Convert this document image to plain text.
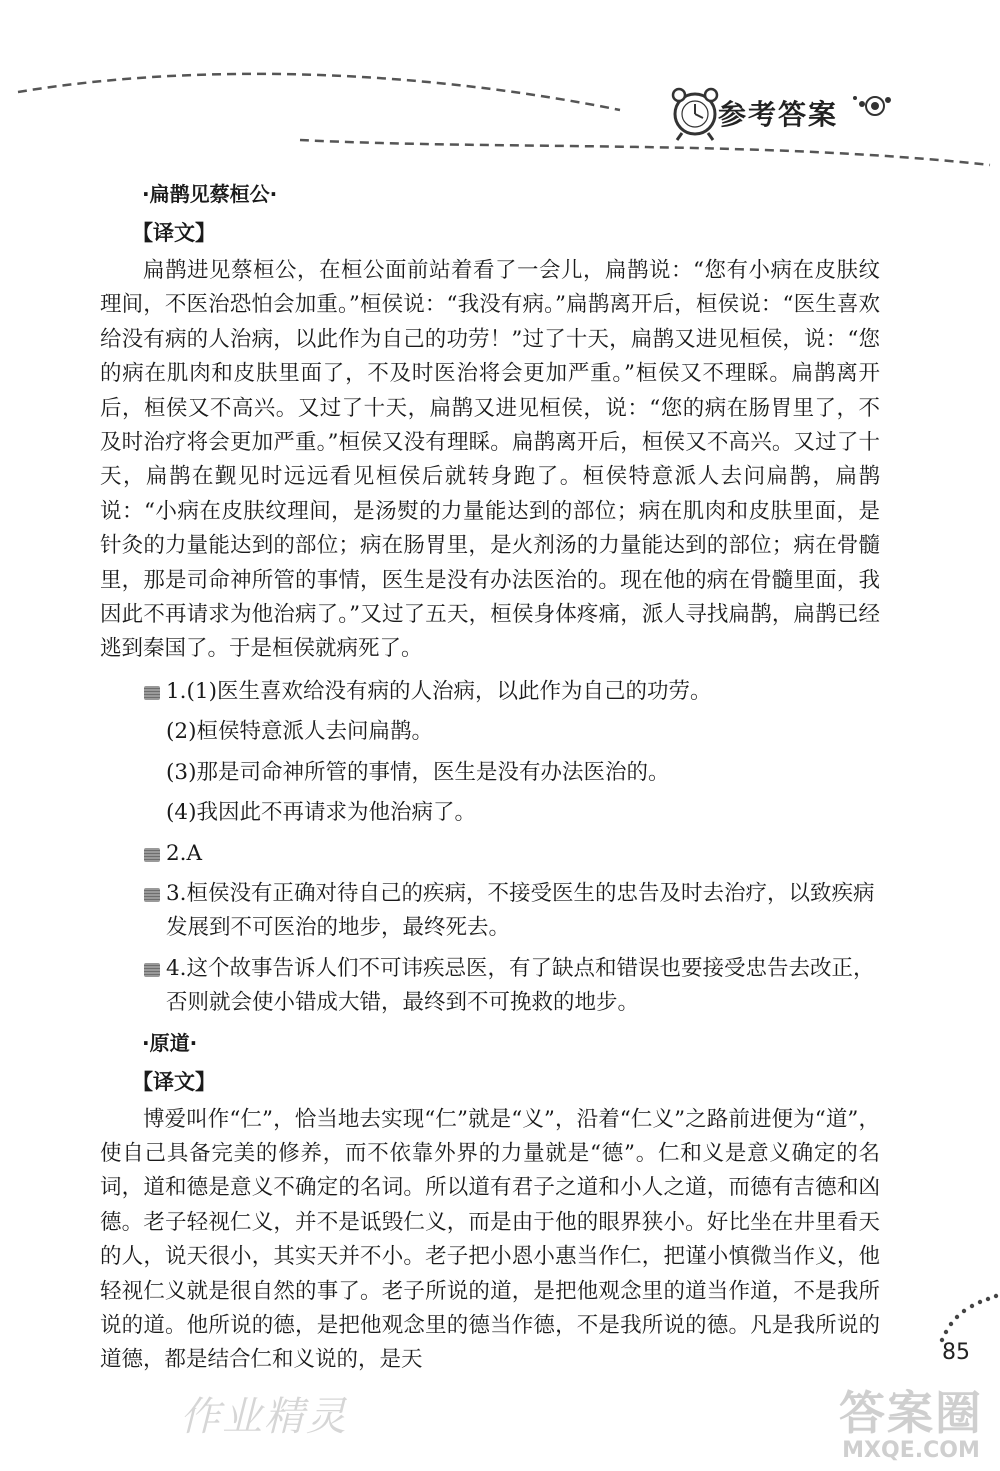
参考答案
·扁鹊见蔡桓公·
【译文】

扁鹊进见蔡桓公，在桓公面前站着看了一会儿，扁鹊说：“您有小病在皮肤纹理间，不医治恐怕会加重。”桓侯说：“我没有病。”扁鹊离开后，桓侯说：“医生喜欢给没有病的人治病，以此作为自己的功劳！”过了十天，扁鹊又进见桓侯，说：“您的病在肌肉和皮肤里面了，不及时医治将会更加严重。”桓侯又不理睬。扁鹊离开后，桓侯又不高兴。又过了十天，扁鹊又进见桓侯，说：“您的病在肠胃里了，不及时治疗将会更加严重。”桓侯又没有理睬。扁鹊离开后，桓侯又不高兴。又过了十天，扁鹊在觐见时远远看见桓侯后就转身跑了。桓侯特意派人去问扁鹊，扁鹊说：“小病在皮肤纹理间，是汤熨的力量能达到的部位；病在肌肉和皮肤里面，是针灸的力量能达到的部位；病在肠胃里，是火剂汤的力量能达到的部位；病在骨髓里，那是司命神所管的事情，医生是没有办法医治的。现在他的病在骨髓里面，我因此不再请求为他治病了。”又过了五天，桓侯身体疼痛，派人寻找扁鹊，扁鹊已经逃到秦国了。于是桓侯就病死了。

1.(1)医生喜欢给没有病的人治病，以此作为自己的功劳。
(2)桓侯特意派人去问扁鹊。
(3)那是司命神所管的事情，医生是没有办法医治的。
(4)我因此不再请求为他治病了。
2.A
3.桓侯没有正确对待自己的疾病，不接受医生的忠告及时去治疗，以致疾病发展到不可医治的地步，最终死去。
4.这个故事告诉人们不可讳疾忌医，有了缺点和错误也要接受忠告去改正，否则就会使小错成大错，最终到不可挽救的地步。
·原道·
【译文】

博爱叫作“仁”，恰当地去实现“仁”就是“义”，沿着“仁义”之路前进便为“道”，使自己具备完美的修养，而不依靠外界的力量就是“德”。仁和义是意义确定的名词，道和德是意义不确定的名词。所以道有君子之道和小人之道，而德有吉德和凶德。老子轻视仁义，并不是诋毁仁义，而是由于他的眼界狭小。好比坐在井里看天的人，说天很小，其实天并不小。老子把小恩小惠当作仁，把谨小慎微当作义，他轻视仁义就是很自然的事了。老子所说的道，是把他观念里的道当作道，不是我所说的道。他所说的德，是把他观念里的德当作德，不是我所说的德。凡是我所说的道德，都是结合仁和义说的，是天	85
作业精灵	答案圈
MXQE.COM
